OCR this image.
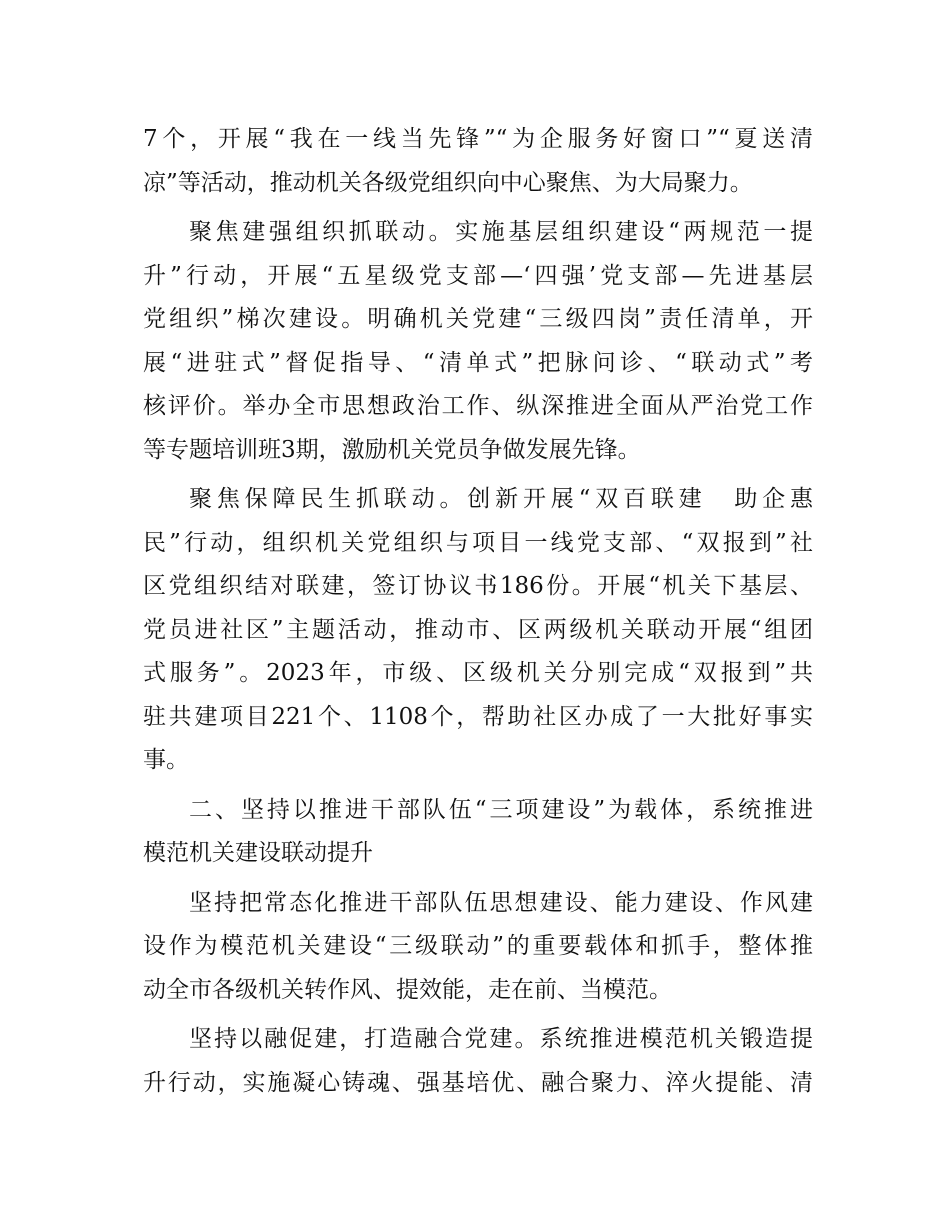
7个，开展“我在一线当先锋”“为企服务好窗口”“夏送清
凉”等活动，推动机关各级党组织向中心聚焦、为大局聚力。
聚焦建强组织抓联动。实施基层组织建设“两规范一提
升”行动，开展“五星级党支部—‘四强’党支部—先进基层
党组织”梯次建设。明确机关党建“三级四岗”责任清单，开
展“进驻式”督促指导、“清单式”把脉问诊、“联动式”考
核评价。举办全市思想政治工作、纵深推进全面从严治党工作
等专题培训班3期，激励机关党员争做发展先锋。
聚焦保障民生抓联动。创新开展“双百联建　助企惠
民”行动，组织机关党组织与项目一线党支部、“双报到”社
区党组织结对联建，签订协议书186份。开展“机关下基层、
党员进社区”主题活动，推动市、区两级机关联动开展“组团
式服务”。2023年，市级、区级机关分别完成“双报到”共
驻共建项目221个、1108个，帮助社区办成了一大批好事实
事。
二、坚持以推进干部队伍“三项建设”为载体，系统推进
模范机关建设联动提升
坚持把常态化推进干部队伍思想建设、能力建设、作风建
设作为模范机关建设“三级联动”的重要载体和抓手，整体推
动全市各级机关转作风、提效能，走在前、当模范。
坚持以融促建，打造融合党建。系统推进模范机关锻造提
升行动，实施凝心铸魂、强基培优、融合聚力、淬火提能、清
